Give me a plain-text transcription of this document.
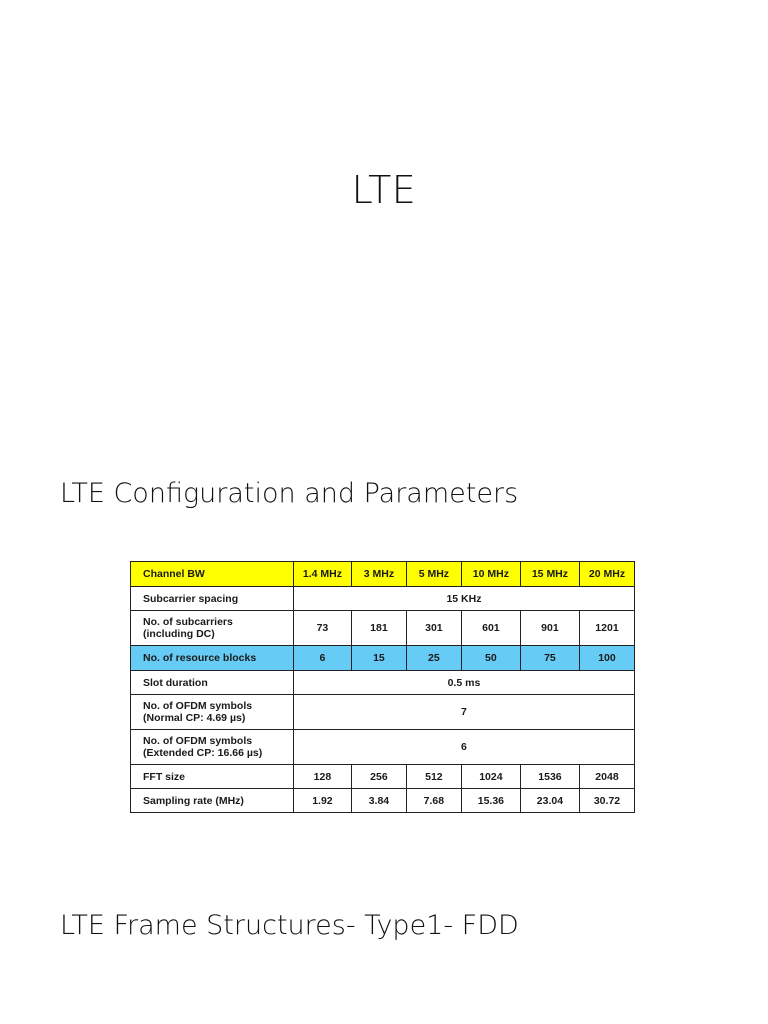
LTE
LTE Configuration and Parameters
Channel BW	1.4 MHz	3 MHz	5 MHz	10 MHz	15 MHz	20 MHz
Subcarrier spacing	15 KHz					
No. of subcarriers
(including DC)	73	181	301	601	901	1201
No. of resource blocks	6	15	25	50	75	100
Slot duration	0.5 ms					
No. of OFDM symbols
(Normal CP: 4.69 µs)	7					
No. of OFDM symbols
(Extended CP: 16.66 µs)	6					
FFT size	128	256	512	1024	1536	2048
Sampling rate (MHz)	1.92	3.84	7.68	15.36	23.04	30.72
LTE Frame Structures- Type1- FDD
